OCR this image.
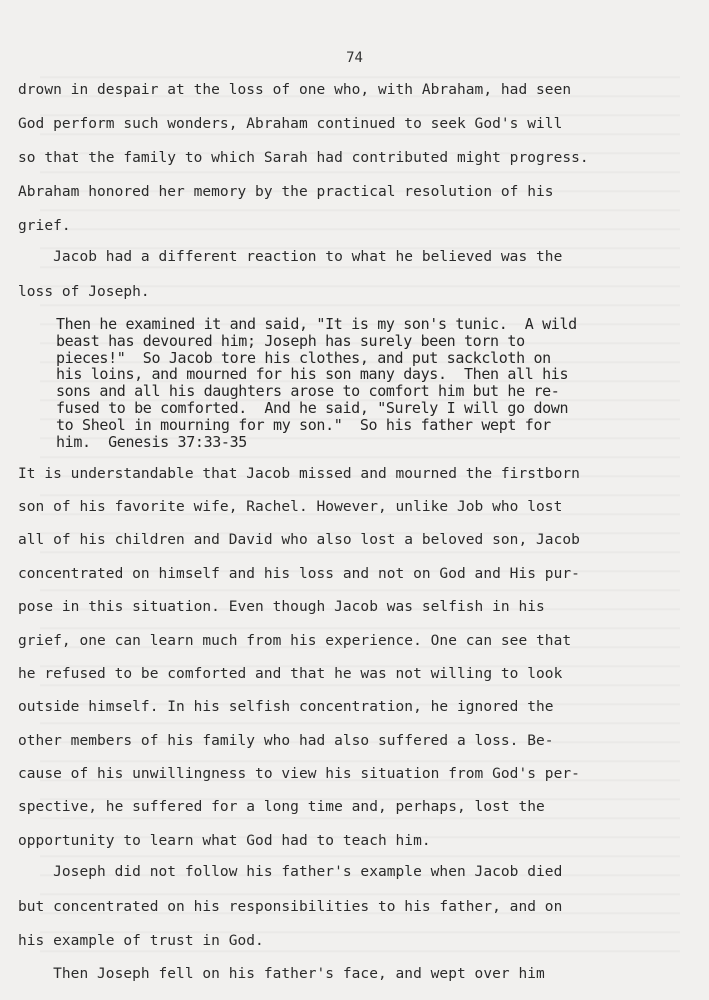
74
drown in despair at the loss of one who, with Abraham, had seen
God perform such wonders, Abraham continued to seek God's will
so that the family to which Sarah had contributed might progress.
Abraham honored her memory by the practical resolution of his
grief.
Jacob had a different reaction to what he believed was the
loss of Joseph.
Then he examined it and said, "It is my son's tunic.  A wild
beast has devoured him; Joseph has surely been torn to
pieces!"  So Jacob tore his clothes, and put sackcloth on
his loins, and mourned for his son many days.  Then all his
sons and all his daughters arose to comfort him but he re-
fused to be comforted.  And he said, "Surely I will go down
to Sheol in mourning for my son."  So his father wept for
him.  Genesis 37:33-35
It is understandable that Jacob missed and mourned the firstborn
son of his favorite wife, Rachel. However, unlike Job who lost
all of his children and David who also lost a beloved son, Jacob
concentrated on himself and his loss and not on God and His pur-
pose in this situation. Even though Jacob was selfish in his
grief, one can learn much from his experience. One can see that
he refused to be comforted and that he was not willing to look
outside himself. In his selfish concentration, he ignored the
other members of his family who had also suffered a loss. Be-
cause of his unwillingness to view his situation from God's per-
spective, he suffered for a long time and, perhaps, lost the
opportunity to learn what God had to teach him.
Joseph did not follow his father's example when Jacob died
but concentrated on his responsibilities to his father, and on
his example of trust in God.
Then Joseph fell on his father's face, and wept over him
